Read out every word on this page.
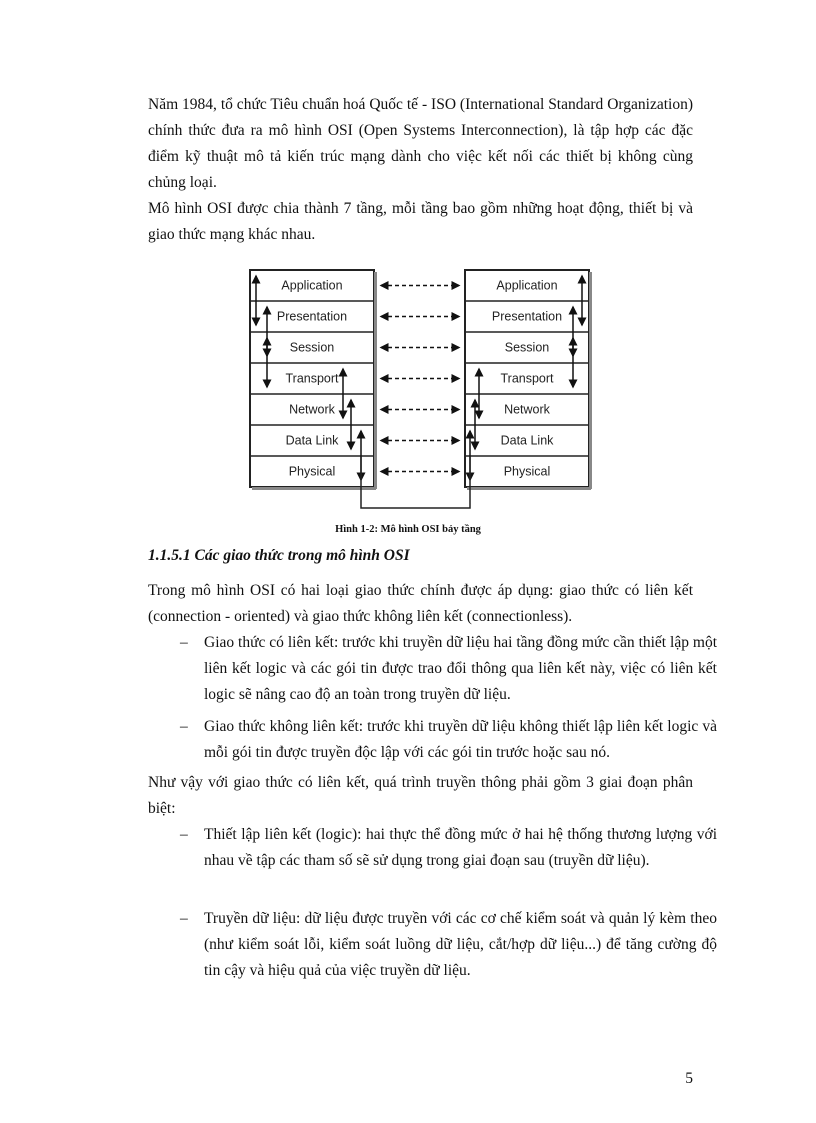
Năm 1984, tổ chức Tiêu chuẩn hoá Quốc tế - ISO (International Standard Organization) chính thức đưa ra mô hình OSI (Open Systems Interconnection), là tập hợp các đặc điểm kỹ thuật mô tả kiến trúc mạng dành cho việc kết nối các thiết bị không cùng chủng loại.

Mô hình OSI được chia thành 7 tầng, mỗi tầng bao gồm những hoạt động, thiết bị và giao thức mạng khác nhau.

Application
Presentation
Session
Transport
Network
Data Link
Physical
Application
Presentation
Session
Transport
Network
Data Link
Physical

Hình 1-2: Mô hình OSI bảy tầng

1.1.5.1 Các giao thức trong mô hình OSI

Trong mô hình OSI có hai loại giao thức chính được áp dụng: giao thức có liên kết (connection - oriented) và giao thức không liên kết (connectionless).

– Giao thức có liên kết: trước khi truyền dữ liệu hai tầng đồng mức cần thiết lập một liên kết logic và các gói tin được trao đổi thông qua liên kết này, việc có liên kết logic sẽ nâng cao độ an toàn trong truyền dữ liệu.
– Giao thức không liên kết: trước khi truyền dữ liệu không thiết lập liên kết logic và mỗi gói tin được truyền độc lập với các gói tin trước hoặc sau nó.

Như vậy với giao thức có liên kết, quá trình truyền thông phải gồm 3 giai đoạn phân biệt:

– Thiết lập liên kết (logic): hai thực thể đồng mức ở hai hệ thống thương lượng với nhau về tập các tham số sẽ sử dụng trong giai đoạn sau (truyền dữ liệu).
– Truyền dữ liệu: dữ liệu được truyền với các cơ chế kiểm soát và quản lý kèm theo (như kiểm soát lỗi, kiểm soát luồng dữ liệu, cắt/hợp dữ liệu...) để tăng cường độ tin cậy và hiệu quả của việc truyền dữ liệu.

5
